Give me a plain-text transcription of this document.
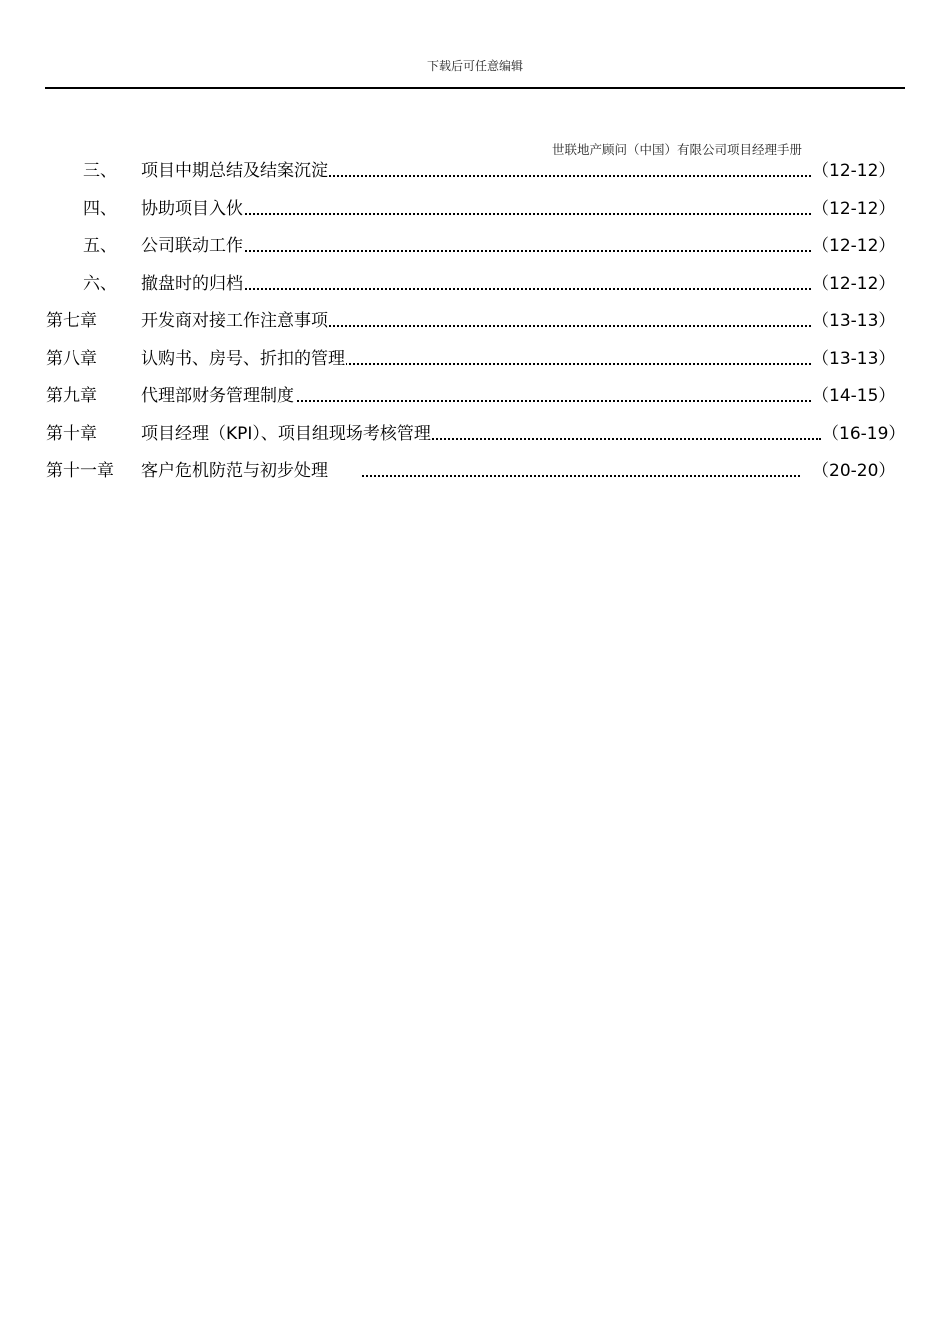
下载后可任意编辑
世联地产顾问（中国）有限公司项目经理手册
三、 项目中期总结及结案沉淀	（12-12）
四、 协助项目入伙	（12-12）
五、 公司联动工作	（12-12）
六、 撤盘时的归档	（12-12）
第七章	开发商对接工作注意事项	（13-13）
第八章	认购书、房号、折扣的管理	（13-13）
第九章	代理部财务管理制度	（14-15）
第十章	项目经理（KPI）、项目组现场考核管理	（16-19）
第十一章 客户危机防范与初步处理	（20-20）
